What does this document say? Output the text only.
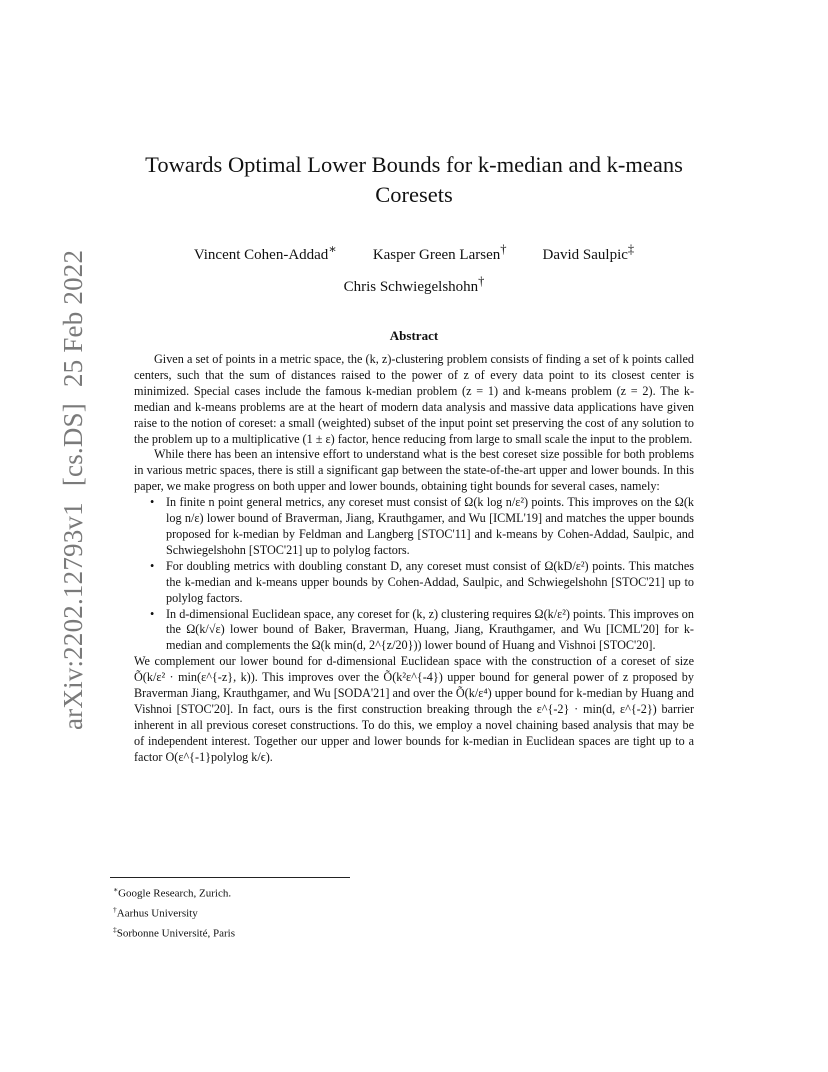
arXiv:2202.12793v1[cs.DS]25 Feb 2022
Towards Optimal Lower Bounds for k-median and k-means Coresets
Vincent Cohen-Addad∗ Kasper Green Larsen† David Saulpic‡
Chris Schwiegelshohn†
Abstract

Given a set of points in a metric space, the (k, z)-clustering problem consists of finding a set of k points called centers, such that the sum of distances raised to the power of z of every data point to its closest center is minimized. Special cases include the famous k-median problem (z = 1) and k-means problem (z = 2). The k-median and k-means problems are at the heart of modern data analysis and massive data applications have given raise to the notion of coreset: a small (weighted) subset of the input point set preserving the cost of any solution to the problem up to a multiplicative (1 ± ε) factor, hence reducing from large to small scale the input to the problem.

While there has been an intensive effort to understand what is the best coreset size possible for both problems in various metric spaces, there is still a significant gap between the state-of-the-art upper and lower bounds. In this paper, we make progress on both upper and lower bounds, obtaining tight bounds for several cases, namely:

• In finite n point general metrics, any coreset must consist of Ω(k log n/ε²) points. This improves on the Ω(k log n/ε) lower bound of Braverman, Jiang, Krauthgamer, and Wu [ICML'19] and matches the upper bounds proposed for k-median by Feldman and Langberg [STOC'11] and k-means by Cohen-Addad, Saulpic, and Schwiegelshohn [STOC'21] up to polylog factors.
• For doubling metrics with doubling constant D, any coreset must consist of Ω(kD/ε²) points. This matches the k-median and k-means upper bounds by Cohen-Addad, Saulpic, and Schwiegelshohn [STOC'21] up to polylog factors.
• In d-dimensional Euclidean space, any coreset for (k, z) clustering requires Ω(k/ε²) points. This improves on the Ω(k/√ε) lower bound of Baker, Braverman, Huang, Jiang, Krauthgamer, and Wu [ICML'20] for k-median and complements the Ω(k min(d, 2^{z/20})) lower bound of Huang and Vishnoi [STOC'20].

We complement our lower bound for d-dimensional Euclidean space with the construction of a coreset of size Õ(k/ε² · min(ε^{-z}, k)). This improves over the Õ(k²ε^{-4}) upper bound for general power of z proposed by Braverman Jiang, Krauthgamer, and Wu [SODA'21] and over the Õ(k/ε⁴) upper bound for k-median by Huang and Vishnoi [STOC'20]. In fact, ours is the first construction breaking through the ε^{-2} · min(d, ε^{-2}) barrier inherent in all previous coreset constructions. To do this, we employ a novel chaining based analysis that may be of independent interest. Together our upper and lower bounds for k-median in Euclidean spaces are tight up to a factor O(ε^{-1}polylog k/ϵ).

∗Google Research, Zurich.
†Aarhus University
‡Sorbonne Université, Paris
